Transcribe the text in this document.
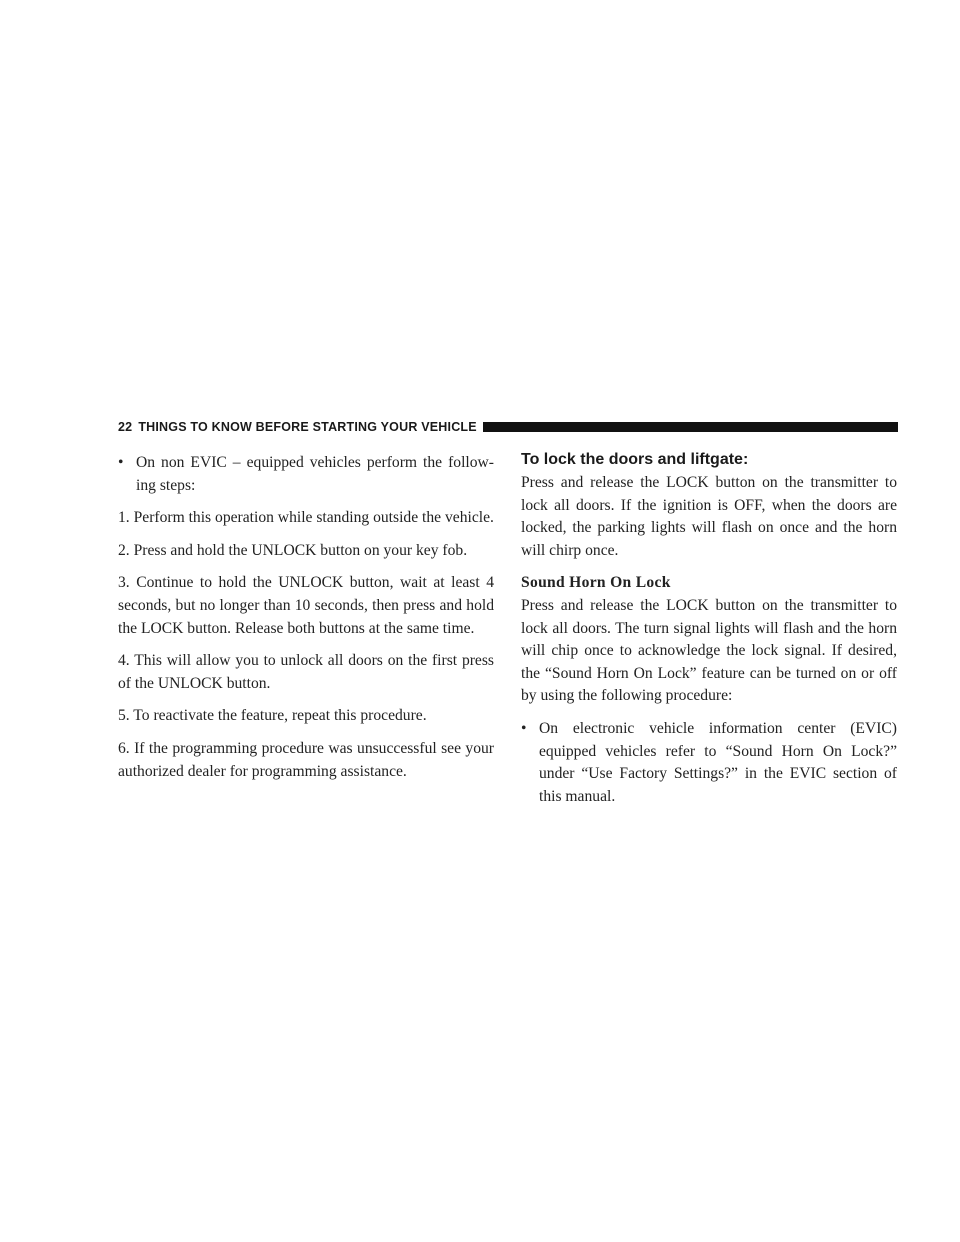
22 THINGS TO KNOW BEFORE STARTING YOUR VEHICLE
• On non EVIC – equipped vehicles perform the follow-ing steps:

1. Perform this operation while standing outside the vehicle.

2. Press and hold the UNLOCK button on your key fob.

3. Continue to hold the UNLOCK button, wait at least 4 seconds, but no longer than 10 seconds, then press and hold the LOCK button. Release both buttons at the same time.

4. This will allow you to unlock all doors on the first press of the UNLOCK button.

5. To reactivate the feature, repeat this procedure.

6. If the programming procedure was unsuccessful see your authorized dealer for programming assistance.

To lock the doors and liftgate:

Press and release the LOCK button on the transmitter to lock all doors. If the ignition is OFF, when the doors are locked, the parking lights will flash on once and the horn will chirp once.

Sound Horn On Lock

Press and release the LOCK button on the transmitter to lock all doors. The turn signal lights will flash and the horn will chip once to acknowledge the lock signal. If desired, the “Sound Horn On Lock” feature can be turned on or off by using the following procedure:

• On electronic vehicle information center (EVIC) equipped vehicles refer to “Sound Horn On Lock?” under “Use Factory Settings?” in the EVIC section of this manual.
